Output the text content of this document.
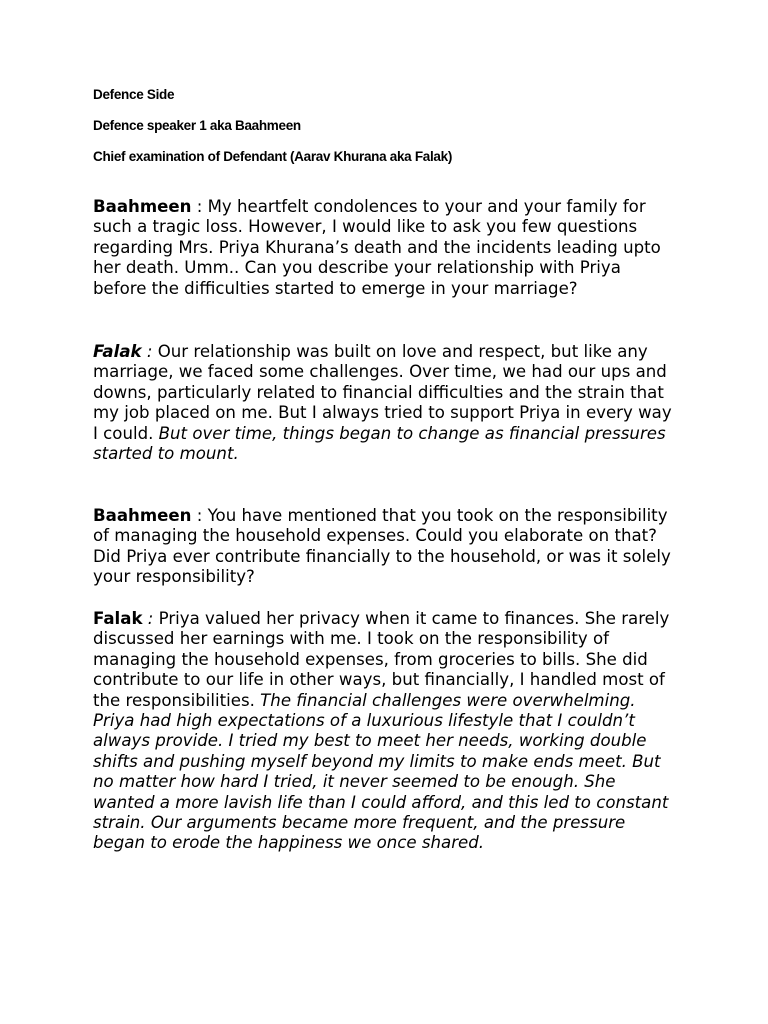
Defence Side
Defence speaker 1 aka Baahmeen
Chief examination of Defendant (Aarav Khurana aka Falak)

Baahmeen : My heartfelt condolences to your and your family for such a tragic loss. However, I would like to ask you few questions regarding Mrs. Priya Khurana’s death and the incidents leading upto her death. Umm.. Can you describe your relationship with Priya before the difficulties started to emerge in your marriage?

Falak : Our relationship was built on love and respect, but like any marriage, we faced some challenges. Over time, we had our ups and downs, particularly related to financial difficulties and the strain that my job placed on me. But I always tried to support Priya in every way I could. But over time, things began to change as financial pressures started to mount.

Baahmeen : You have mentioned that you took on the responsibility of managing the household expenses. Could you elaborate on that? Did Priya ever contribute financially to the household, or was it solely your responsibility?

Falak : Priya valued her privacy when it came to finances. She rarely discussed her earnings with me. I took on the responsibility of managing the household expenses, from groceries to bills. She did contribute to our life in other ways, but financially, I handled most of the responsibilities. The financial challenges were overwhelming. Priya had high expectations of a luxurious lifestyle that I couldn’t always provide. I tried my best to meet her needs, working double shifts and pushing myself beyond my limits to make ends meet. But no matter how hard I tried, it never seemed to be enough. She wanted a more lavish life than I could afford, and this led to constant strain. Our arguments became more frequent, and the pressure began to erode the happiness we once shared.
